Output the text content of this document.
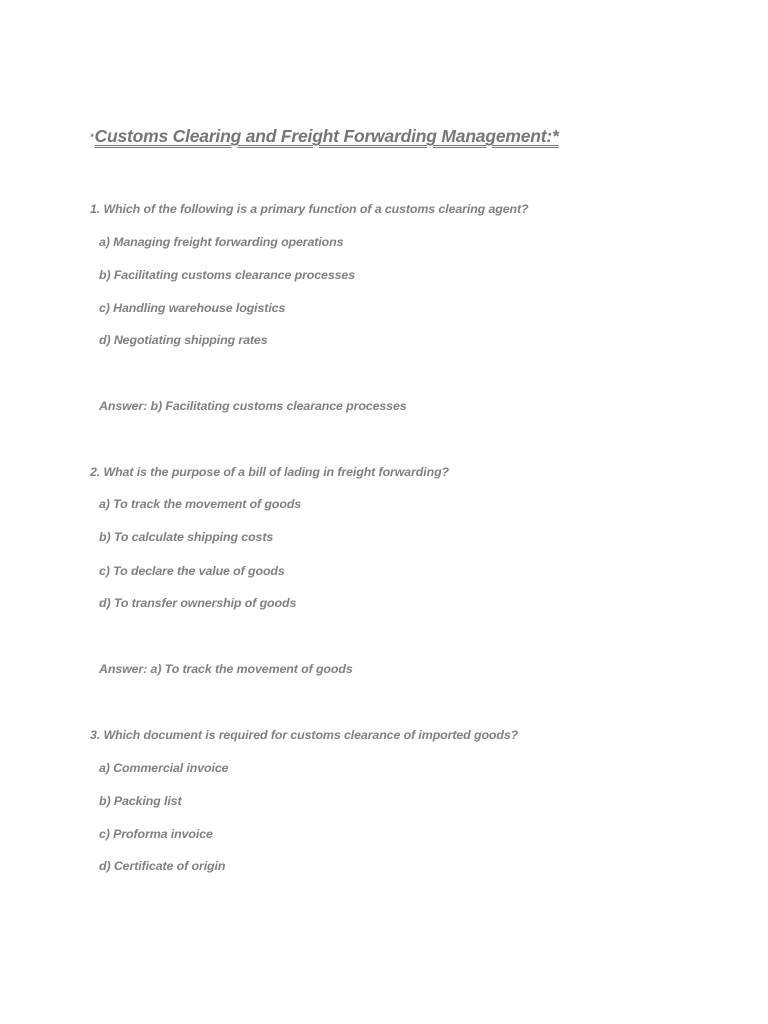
*Customs Clearing and Freight Forwarding Management:*
1. Which of the following is a primary function of a customs clearing agent?
a) Managing freight forwarding operations
b) Facilitating customs clearance processes
c) Handling warehouse logistics
d) Negotiating shipping rates
Answer: b) Facilitating customs clearance processes
2. What is the purpose of a bill of lading in freight forwarding?
a) To track the movement of goods
b) To calculate shipping costs
c) To declare the value of goods
d) To transfer ownership of goods
Answer: a) To track the movement of goods
3. Which document is required for customs clearance of imported goods?
a) Commercial invoice
b) Packing list
c) Proforma invoice
d) Certificate of origin
